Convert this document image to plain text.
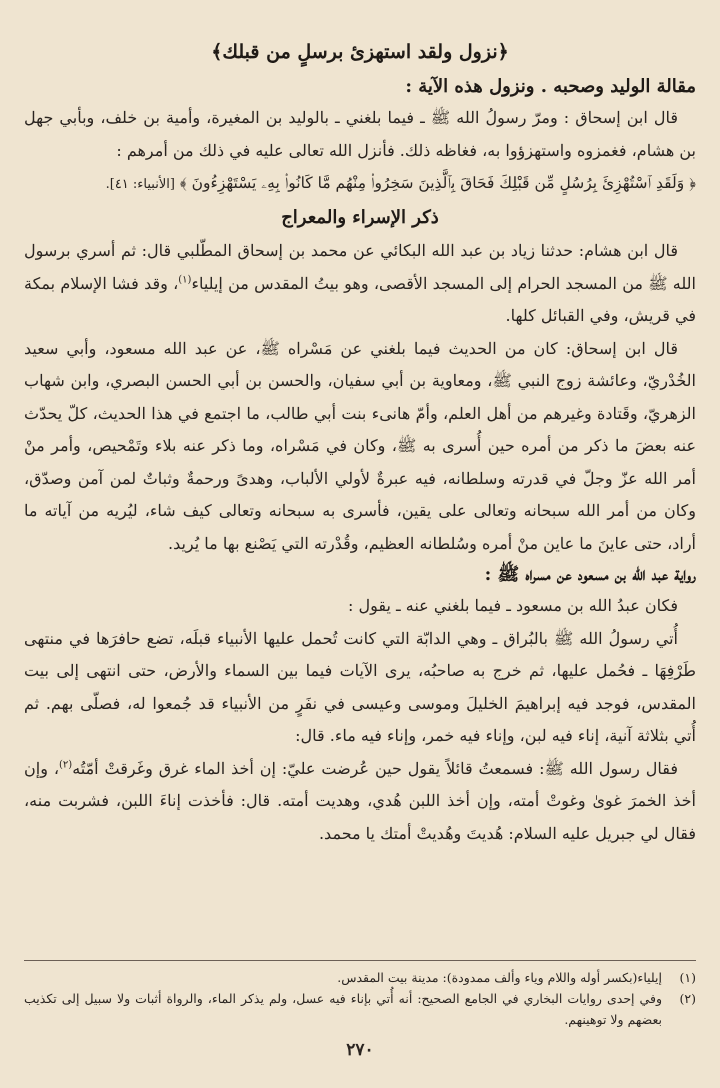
﴿نزول ولقد استهزئ برسلٍ من قبلك﴾
مقالة الوليد وصحبه . ونزول هذه الآية :

قال ابن إسحاق : ومرّ رسولُ الله ﷺ ـ فيما بلغني ـ بالوليد بن المغيرة، وأمية بن خلف، وبأبي جهل بن هشام، فغمزوه واستهزؤوا به، فغاظه ذلك. فأنزل الله تعالى عليه في ذلك من أمرهم :

﴿ وَلَقَدِ ٱسْتُهْزِئَ بِرُسُلٍ مِّن قَبْلِكَ فَحَاقَ بِٱلَّذِينَ سَخِرُوا۟ مِنْهُم مَّا كَانُوا۟ بِهِۦ يَسْتَهْزِءُونَ ﴾ [الأنبياء: ٤١].

ذكر الإسراء والمعراج

قال ابن هشام: حدثنا زياد بن عبد الله البكائي عن محمد بن إسحاق المطّلبي قال: ثم أسري برسول الله ﷺ من المسجد الحرام إلى المسجد الأقصى، وهو بيتُ المقدس من إيلياء$^{(١)}$، وقد فشا الإسلام بمكة في قريش، وفي القبائل كلها.

قال ابن إسحاق: كان من الحديث فيما بلغني عن مَسْراه ﷺ، عن عبد الله مسعود، وأبي سعيد الخُدْريّ، وعائشة زوج النبي ﷺ، ومعاوية بن أبي سفيان، والحسن بن أبي الحسن البصري، وابن شهاب الزهريّ، وقَتادة وغيرهم من أهل العلم، وأمّ هانىء بنت أبي طالب، ما اجتمع في هذا الحديث، كلّ يحدّث عنه بعضَ ما ذكر من أمره حين أُسرى به ﷺ، وكان في مَسْراه، وما ذكر عنه بلاء وتَمْحيص، وأمر منْ أمر الله عزّ وجلّ في قدرته وسلطانه، فيه عبرةٌ لأولي الألباب، وهدىً ورحمةٌ وثباتٌ لمن آمن وصدّق، وكان من أمر الله سبحانه وتعالى على يقين، فأسرى به سبحانه وتعالى كيف شاء، ليُريه من آياته ما أراد، حتى عاينَ ما عاين منْ أمره وسُلطانه العظيم، وقُدْرته التي يَصْنع بها ما يُريد.

رواية عبد الله بن مسعود عن مسراه ﷺ :

فكان عبدُ الله بن مسعود ـ فيما بلغني عنه ـ يقول :

أُتي رسولُ الله ﷺ بالبُراق ـ وهي الدابّة التي كانت تُحمل عليها الأنبياء قبلَه، تضع حافرَها في منتهى طَرْفِهَا ـ فحُمل عليها، ثم خرج به صاحبُه، يرى الآيات فيما بين السماء والأرض، حتى انتهى إلى بيت المقدس، فوجد فيه إبراهيمَ الخليلَ وموسى وعيسى في نفَرٍ من الأنبياء قد جُمعوا له، فصلّى بهم. ثم أُتي بثلاثة آنية، إناء فيه لبن، وإناء فيه خمر، وإناء فيه ماء. قال:

فقال رسول الله ﷺ: فسمعتُ قائلاً يقول حين عُرضت عليّ: إن أخذ الماء غرق وغَرقتْ أمّتُه$^{(٢)}$، وإن أخذ الخمرَ غوىٰ وغوتْ أمته، وإن أخذ اللبن هُدي، وهديت أمته. قال: فأخذت إناءَ اللبن، فشربت منه، فقال لي جبريل عليه السلام: هُديتَ وهُديتْ أمتك يا محمد.

(١)
إيلياء(بكسر أوله واللام وياء وألف ممدودة): مدينة بيت المقدس.
(٢)
وفي إحدى روايات البخاري في الجامع الصحيح: أنه أُتي بإناء فيه عسل، ولم يذكر الماء، والرواة أثبات ولا سبيل إلى تكذيب بعضهم ولا توهينهم.
٢٧٠
